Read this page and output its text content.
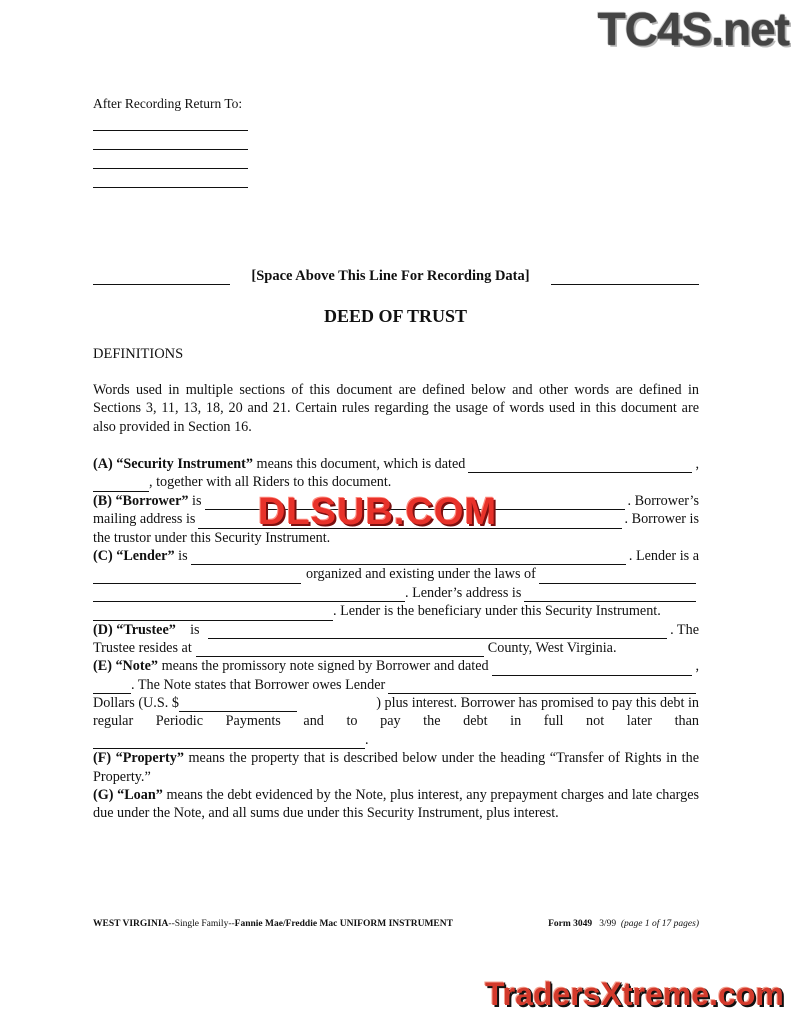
TC4S.net
After Recording Return To:
[Space Above This Line For Recording Data]
DEED OF TRUST
DEFINITIONS
Words used in multiple sections of this document are defined below and other words are defined in Sections 3, 11, 13, 18, 20 and 21. Certain rules regarding the usage of words used in this document are also provided in Section 16.
(A) “Security Instrument” means this document, which is dated	,
, together with all Riders to this document.
(B) “Borrower” is	. Borrower’s
mailing address is	. Borrower is
the trustor under this Security Instrument.
(C) “Lender” is	. Lender is a
organized and existing under the laws of
. Lender’s address is
. Lender is the beneficiary under this Security Instrument.
(D) “Trustee” is	. The
Trustee resides at	County, West Virginia.
(E) “Note” means the promissory note signed by Borrower and dated	,
. The Note states that Borrower owes Lender
Dollars (U.S. $	) plus interest. Borrower has promised to pay this debt in
regular Periodic Payments and to pay the debt in full not later than
.
(F) “Property” means the property that is described below under the heading “Transfer of Rights in the Property.”
(G) “Loan” means the debt evidenced by the Note, plus interest, any prepayment charges and late charges due under the Note, and all sums due under this Security Instrument, plus interest.
DLSUB.COM
WEST VIRGINIA--Single Family--Fannie Mae/Freddie Mac UNIFORM INSTRUMENT	Form 3049 3/99 (page 1 of 17 pages)
TradersXtreme.com
